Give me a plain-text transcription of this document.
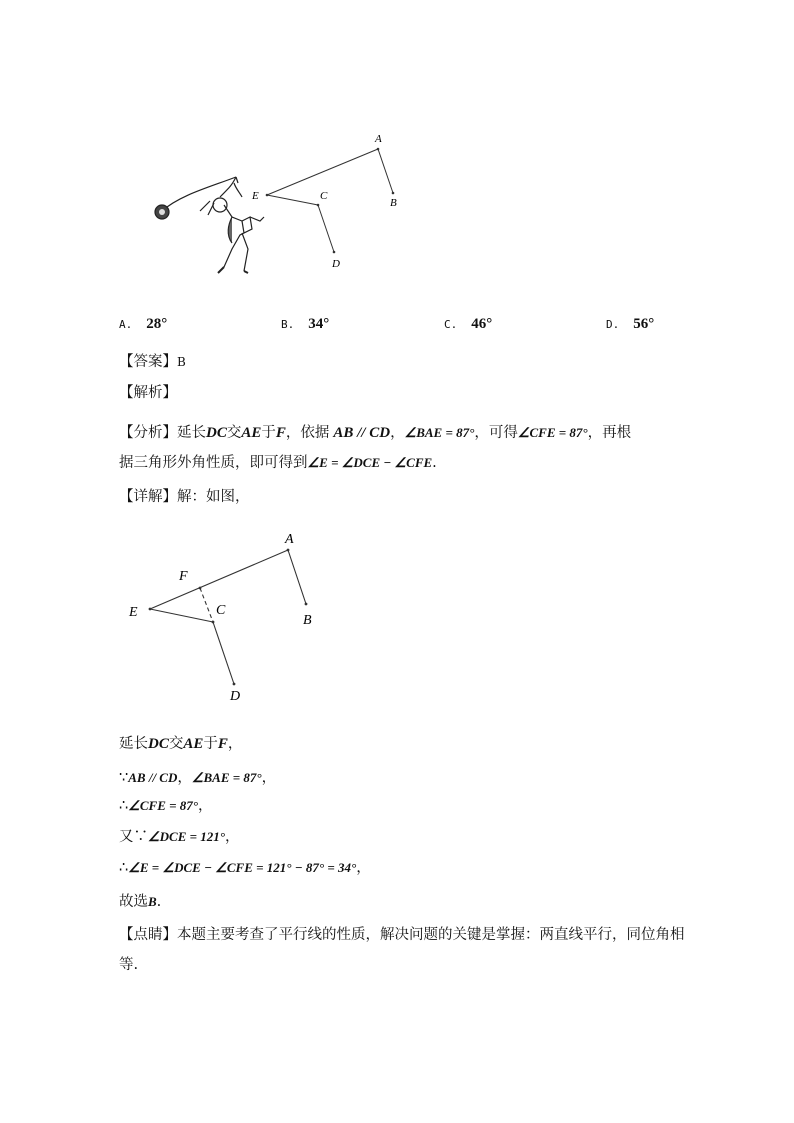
A
B
C
D
E
A. 28°	B. 34°	C. 46°	D. 56°
【答案】B
【解析】
【分析】延长DC交AE于F，依据 AB // CD，∠BAE = 87°，可得∠CFE = 87°，再根
据三角形外角性质，即可得到∠E = ∠DCE − ∠CFE.
【详解】解：如图，
A
B
C
D
E
F
延长DC交AE于F，
∵AB // CD，∠BAE = 87°，
∴∠CFE = 87°，
又∵∠DCE = 121°，
∴∠E = ∠DCE − ∠CFE = 121° − 87° = 34°，
故选B.
【点睛】本题主要考查了平行线的性质，解决问题的关键是掌握：两直线平行，同位角相
等.
